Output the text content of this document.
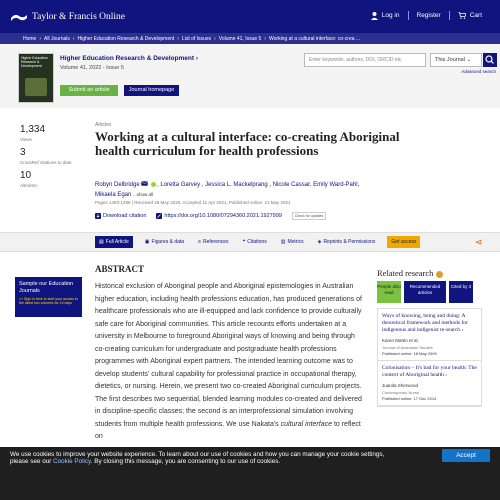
Taylor & Francis Online	Log in	Register	Cart
Home › All Journals › Higher Education Research & Development › List of Issues › Volume 41, Issue 5 › Working at a cultural interface: co-crea ...
Higher Education Research & Development
Higher Education Research & Development ›
Volume 41, 2022 - Issue 5
Submit an article	Journal homepage
Enter keywords, authors, DOI, ORCID etc	This Journal ⌄
Advanced search
1,334
Views
3
CrossRef citations to date
10
Altmetric
Articles
Working at a cultural interface: co-creating Aboriginal health curriculum for health professions
Robyn Delbridge	, Loretta Garvey , Jessica L. Mackelprang , Nicole Cassar, Emily Ward-Pahl,
Mikaela Egan ...show all
Pages 1483-1498 | Received 26 May 2020, Accepted 11 Apr 2021, Published online: 21 May 2021
Download citation	https://doi.org/10.1080/07294360.2021.1927999	Check for updates
▤ Full Article	▣ Figures & data	≡ References	❝ Citations	▥ Metrics	◈ Reprints & Permissions	Get access	⋖
Sample our Education Journals
>> Sign in here to start your access to the latest two volumes for 14 days
ABSTRACT
Historical exclusion of Aboriginal people and Aboriginal epistemologies in Australian higher education, including health professions education, has produced generations of healthcare professionals who are ill-equipped and lack confidence to provide culturally safe care for Aboriginal communities. This article recounts efforts undertaken at a university in Melbourne to foreground Aboriginal ways of knowing and being through co-creating curriculum for undergraduate and postgraduate health professions programmes with Aboriginal expert partners. The intended learning outcome was to develop students' cultural capability for professional practice in occupational therapy, dietetics, or nursing. Herein, we present two co-created Aboriginal curriculum projects. The first describes two sequential, blended learning modules co-created and delivered in discipline-specific classes; the second is an interprofessional simulation involving students from multiple health professions. We use Nakata's cultural interface to reflect on
Related research
People also read
Recommended articles
Cited by 3
Ways of knowing, being and doing: A theoretical framework and methods for indigenous and indigenist re-search ›
Karen Martin et al.
Journal of Australian Studies
Published online: 18 May 2009
Colonisation – It's bad for your health: The context of Aboriginal health ›
Juanita Sherwood
Contemporary Nurse
Published online: 17 Dec 2014
We use cookies to improve your website experience. To learn about our use of cookies and how you can manage your cookie settings,
please see our Cookie Policy. By closing this message, you are consenting to our use of cookies.
Accept
